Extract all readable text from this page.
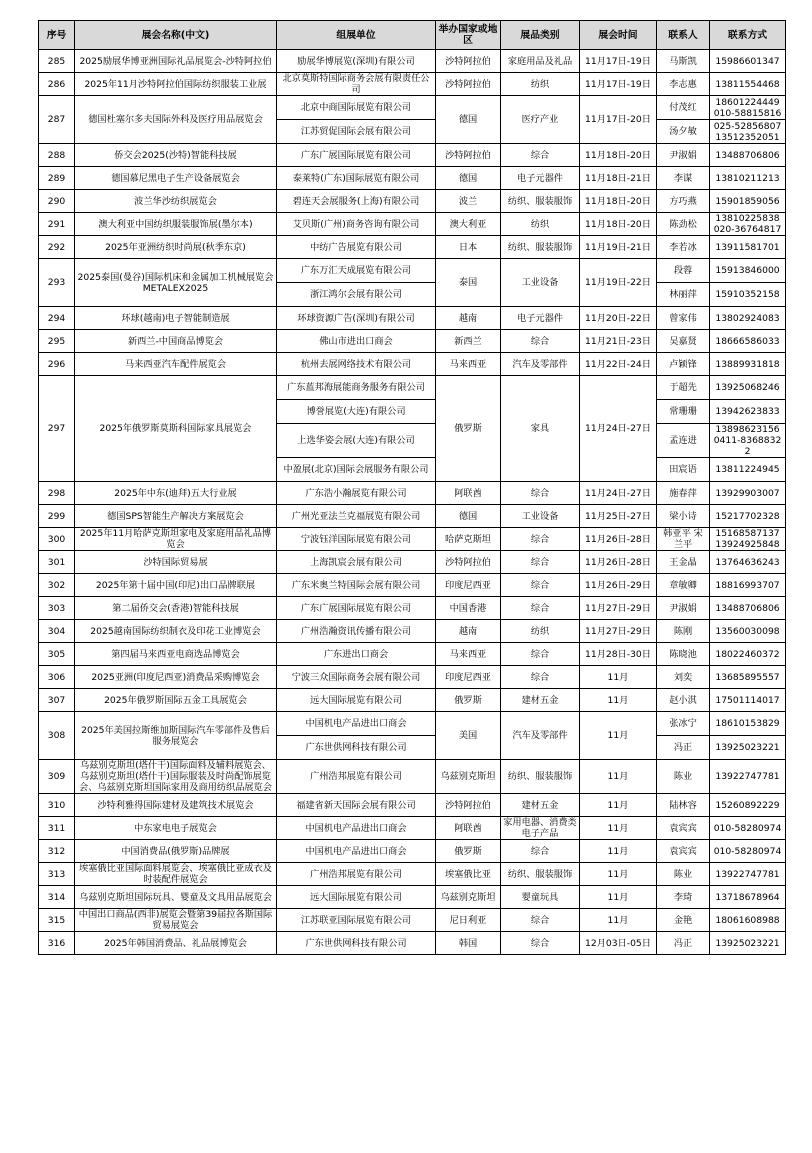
序号	展会名称(中文)	组展单位	举办国家或地区	展品类别	展会时间	联系人	联系方式
285	2025励展华博亚洲国际礼品展览会-沙特阿拉伯	励展华博展览(深圳)有限公司	沙特阿拉伯	家庭用品及礼品	11月17日-19日	马斯凯	15986601347
286	2025年11月沙特阿拉伯国际纺织服装工业展	北京莫斯特国际商务会展有限责任公司	沙特阿拉伯	纺织	11月17日-19日	李志惠	13811554468
287	德国杜塞尔多夫国际外科及医疗用品展览会	北京中商国际展览有限公司	德国	医疗产业	11月17日-20日	付茂红	18601224449 010-58815816
		江苏贸促国际会展有限公司				汤夕敏	025-52856807 13512352051
288	侨交会2025(沙特)智能科技展	广东广展国际展览有限公司	沙特阿拉伯	综合	11月18日-20日	尹淑娟	13488706806
289	德国慕尼黑电子生产设备展览会	泰莱特(广东)国际展览有限公司	德国	电子元器件	11月18日-21日	李谋	13810211213
290	波兰华沙纺织展览会	碧连天会展服务(上海)有限公司	波兰	纺织、服装服饰	11月18日-20日	方巧燕	15901859056
291	澳大利亚中国纺织服装服饰展(墨尔本)	艾贝斯(广州)商务咨询有限公司	澳大利亚	纺织	11月18日-20日	陈劲松	13810225838 020-36764817
292	2025年亚洲纺织时尚展(秋季东京)	中纺广告展览有限公司	日本	纺织、服装服饰	11月19日-21日	李若冰	13911581701
293	2025泰国(曼谷)国际机床和金属加工机械展览会METALEX2025	广东万汇天成展览有限公司	泰国	工业设备	11月19日-22日	段蓉	15913846000
		浙江鸿尔会展有限公司				林丽萍	15910352158
294	环球(越南)电子智能制造展	环球资源广告(深圳)有限公司	越南	电子元器件	11月20日-22日	曾家伟	13802924083
295	新西兰-中国商品博览会	佛山市进出口商会	新西兰	综合	11月21日-23日	吴嘉贤	18666586033
296	马来西亚汽车配件展览会	杭州去展网络技术有限公司	马来西亚	汽车及零部件	11月22日-24日	卢颖锋	13889931818
297	2025年俄罗斯莫斯科国际家具展览会	广东蓝邦海展能商务服务有限公司	俄罗斯	家具	11月24日-27日	于超先	13925068246
		博誉展览(大连)有限公司				常珊珊	13942623833
		上选华姿会展(大连)有限公司				孟连进	13898623156 0411-83688322
		中盈展(北京)国际会展服务有限公司				田宸语	13811224945
298	2025年中东(迪拜)五大行业展	广东浩小瀚展览有限公司	阿联酋	综合	11月24日-27日	施春萍	13929903007
299	德国SPS智能生产解决方案展览会	广州光亚法兰克福展览有限公司	德国	工业设备	11月25日-27日	梁小诗	15217702328
300	2025年11月哈萨克斯坦家电及家庭用品礼品博览会	宁波钰洋国际展览有限公司	哈萨克斯坦	综合	11月26日-28日	韩亚平 宋兰平	15168587137 13924925848
301	沙特国际贸易展	上海凯宸会展有限公司	沙特阿拉伯	综合	11月26日-28日	王金晶	13764636243
302	2025年第十届中国(印尼)出口品牌联展	广东米奥兰特国际会展有限公司	印度尼西亚	综合	11月26日-29日	章敏卿	18816993707
303	第二届侨交会(香港)智能科技展	广东广展国际展览有限公司	中国香港	综合	11月27日-29日	尹淑娟	13488706806
304	2025越南国际纺织制衣及印花工业博览会	广州浩瀚资讯传播有限公司	越南	纺织	11月27日-29日	陈刚	13560030098
305	第四届马来西亚电商选品博览会	广东进出口商会	马来西亚	综合	11月28日-30日	陈晓池	18022460372
306	2025亚洲(印度尼西亚)消费品采购博览会	宁波三众国际商务会展有限公司	印度尼西亚	综合	11月	刘奕	13685895557
307	2025年俄罗斯国际五金工具展览会	远大国际展览有限公司	俄罗斯	建材五金	11月	赵小淇	17501114017
308	2025年美国拉斯维加斯国际汽车零部件及售后服务展览会	中国机电产品进出口商会	美国	汽车及零部件	11月	张冰宁	18610153829
		广东世供网科技有限公司				冯正	13925023221
309	乌兹别克斯坦(塔什干)国际面料及辅料展览会、乌兹别克斯坦(塔什干)国际服装及时尚配饰展览会、乌兹别克斯坦国际家用及商用纺织品展览会	广州浩邦展览有限公司	乌兹别克斯坦	纺织、服装服饰	11月	陈业	13922747781
310	沙特利雅得国际建材及建筑技术展览会	福建省新天国际会展有限公司	沙特阿拉伯	建材五金	11月	陆林容	15260892229
311	中东家电电子展览会	中国机电产品进出口商会	阿联酋	家用电器、消费类电子产品	11月	袁宾宾	010-58280974
312	中国消费品(俄罗斯)品牌展	中国机电产品进出口商会	俄罗斯	综合	11月	袁宾宾	010-58280974
313	埃塞俄比亚国际面料展览会、埃塞俄比亚成衣及时装配件展览会	广州浩邦展览有限公司	埃塞俄比亚	纺织、服装服饰	11月	陈业	13922747781
314	乌兹别克斯坦国际玩具、婴童及文具用品展览会	远大国际展览有限公司	乌兹别克斯坦	婴童玩具	11月	李琦	13718678964
315	中国出口商品(西非)展览会暨第39届拉各斯国际贸易展览会	江苏联亚国际展览有限公司	尼日利亚	综合	11月	金艳	18061608988
316	2025年韩国消费品、礼品展博览会	广东世供网科技有限公司	韩国	综合	12月03日-05日	冯正	13925023221
